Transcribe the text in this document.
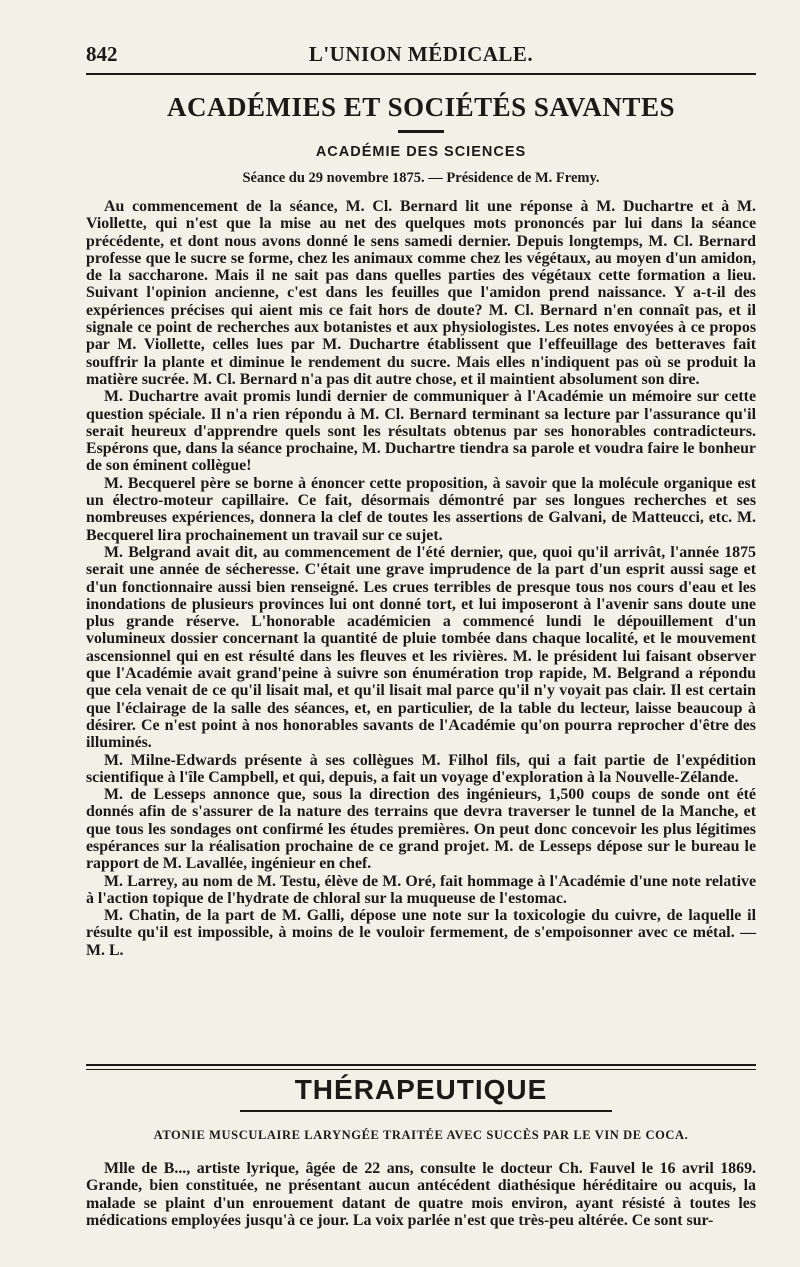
842	L'UNION MÉDICALE.
ACADÉMIES ET SOCIÉTÉS SAVANTES
ACADÉMIE DES SCIENCES
Séance du 29 novembre 1875. — Présidence de M. Fremy.

Au commencement de la séance, M. Cl. Bernard lit une réponse à M. Duchartre et à M. Viollette, qui n'est que la mise au net des quelques mots prononcés par lui dans la séance précédente, et dont nous avons donné le sens samedi dernier. Depuis longtemps, M. Cl. Bernard professe que le sucre se forme, chez les animaux comme chez les végétaux, au moyen d'un amidon, de la saccharone. Mais il ne sait pas dans quelles parties des végétaux cette formation a lieu. Suivant l'opinion ancienne, c'est dans les feuilles que l'amidon prend naissance. Y a-t-il des expériences précises qui aient mis ce fait hors de doute? M. Cl. Bernard n'en connaît pas, et il signale ce point de recherches aux botanistes et aux physiologistes. Les notes envoyées à ce propos par M. Viollette, celles lues par M. Duchartre établissent que l'effeuillage des betteraves fait souffrir la plante et diminue le rendement du sucre. Mais elles n'indiquent pas où se produit la matière sucrée. M. Cl. Bernard n'a pas dit autre chose, et il maintient absolument son dire.

M. Duchartre avait promis lundi dernier de communiquer à l'Académie un mémoire sur cette question spéciale. Il n'a rien répondu à M. Cl. Bernard terminant sa lecture par l'assurance qu'il serait heureux d'apprendre quels sont les résultats obtenus par ses honorables contradicteurs. Espérons que, dans la séance prochaine, M. Duchartre tiendra sa parole et voudra faire le bonheur de son éminent collègue!

M. Becquerel père se borne à énoncer cette proposition, à savoir que la molécule organique est un électro-moteur capillaire. Ce fait, désormais démontré par ses longues recherches et ses nombreuses expériences, donnera la clef de toutes les assertions de Galvani, de Matteucci, etc. M. Becquerel lira prochainement un travail sur ce sujet.

M. Belgrand avait dit, au commencement de l'été dernier, que, quoi qu'il arrivât, l'année 1875 serait une année de sécheresse. C'était une grave imprudence de la part d'un esprit aussi sage et d'un fonctionnaire aussi bien renseigné. Les crues terribles de presque tous nos cours d'eau et les inondations de plusieurs provinces lui ont donné tort, et lui imposeront à l'avenir sans doute une plus grande réserve. L'honorable académicien a commencé lundi le dépouillement d'un volumineux dossier concernant la quantité de pluie tombée dans chaque localité, et le mouvement ascensionnel qui en est résulté dans les fleuves et les rivières. M. le président lui faisant observer que l'Académie avait grand'peine à suivre son énumération trop rapide, M. Belgrand a répondu que cela venait de ce qu'il lisait mal, et qu'il lisait mal parce qu'il n'y voyait pas clair. Il est certain que l'éclairage de la salle des séances, et, en particulier, de la table du lecteur, laisse beaucoup à désirer. Ce n'est point à nos honorables savants de l'Académie qu'on pourra reprocher d'être des illuminés.

M. Milne-Edwards présente à ses collègues M. Filhol fils, qui a fait partie de l'expédition scientifique à l'île Campbell, et qui, depuis, a fait un voyage d'exploration à la Nouvelle-Zélande.

M. de Lesseps annonce que, sous la direction des ingénieurs, 1,500 coups de sonde ont été donnés afin de s'assurer de la nature des terrains que devra traverser le tunnel de la Manche, et que tous les sondages ont confirmé les études premières. On peut donc concevoir les plus légitimes espérances sur la réalisation prochaine de ce grand projet. M. de Lesseps dépose sur le bureau le rapport de M. Lavallée, ingénieur en chef.

M. Larrey, au nom de M. Testu, élève de M. Oré, fait hommage à l'Académie d'une note relative à l'action topique de l'hydrate de chloral sur la muqueuse de l'estomac.

M. Chatin, de la part de M. Galli, dépose une note sur la toxicologie du cuivre, de laquelle il résulte qu'il est impossible, à moins de le vouloir fermement, de s'empoisonner avec ce métal. — M. L.

THÉRAPEUTIQUE
ATONIE MUSCULAIRE LARYNGÉE TRAITÉE AVEC SUCCÈS PAR LE VIN DE COCA.

Mlle de B..., artiste lyrique, âgée de 22 ans, consulte le docteur Ch. Fauvel le 16 avril 1869. Grande, bien constituée, ne présentant aucun antécédent diathésique héréditaire ou acquis, la malade se plaint d'un enrouement datant de quatre mois environ, ayant résisté à toutes les médications employées jusqu'à ce jour. La voix parlée n'est que très-peu altérée. Ce sont sur-
